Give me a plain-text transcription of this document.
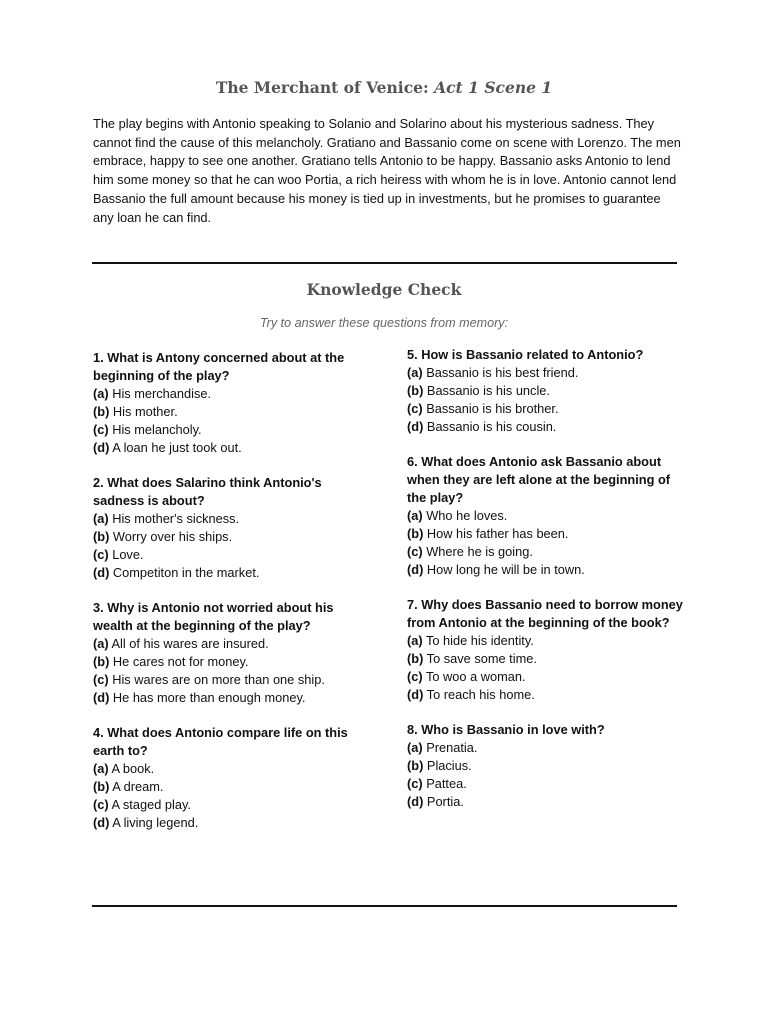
The Merchant of Venice: Act 1 Scene 1

The play begins with Antonio speaking to Solanio and Solarino about his mysterious sadness. They cannot find the cause of this melancholy. Gratiano and Bassanio come on scene with Lorenzo. The men embrace, happy to see one another. Gratiano tells Antonio to be happy. Bassanio asks Antonio to lend him some money so that he can woo Portia, a rich heiress with whom he is in love. Antonio cannot lend Bassanio the full amount because his money is tied up in investments, but he promises to guarantee any loan he can find.

Knowledge Check
Try to answer these questions from memory:

1. What is Antony concerned about at the beginning of the play?

(a) His merchandise.

(b) His mother.

(c) His melancholy.

(d) A loan he just took out.

2. What does Salarino think Antonio's sadness is about?

(a) His mother's sickness.

(b) Worry over his ships.

(c) Love.

(d) Competiton in the market.

3. Why is Antonio not worried about his wealth at the beginning of the play?

(a) All of his wares are insured.

(b) He cares not for money.

(c) His wares are on more than one ship.

(d) He has more than enough money.

4. What does Antonio compare life on this earth to?

(a) A book.

(b) A dream.

(c) A staged play.

(d) A living legend.

5. How is Bassanio related to Antonio?

(a) Bassanio is his best friend.

(b) Bassanio is his uncle.

(c) Bassanio is his brother.

(d) Bassanio is his cousin.

6. What does Antonio ask Bassanio about when they are left alone at the beginning of the play?

(a) Who he loves.

(b) How his father has been.

(c) Where he is going.

(d) How long he will be in town.

7. Why does Bassanio need to borrow money from Antonio at the beginning of the book?

(a) To hide his identity.

(b) To save some time.

(c) To woo a woman.

(d) To reach his home.

8. Who is Bassanio in love with?

(a) Prenatia.

(b) Placius.

(c) Pattea.

(d) Portia.
